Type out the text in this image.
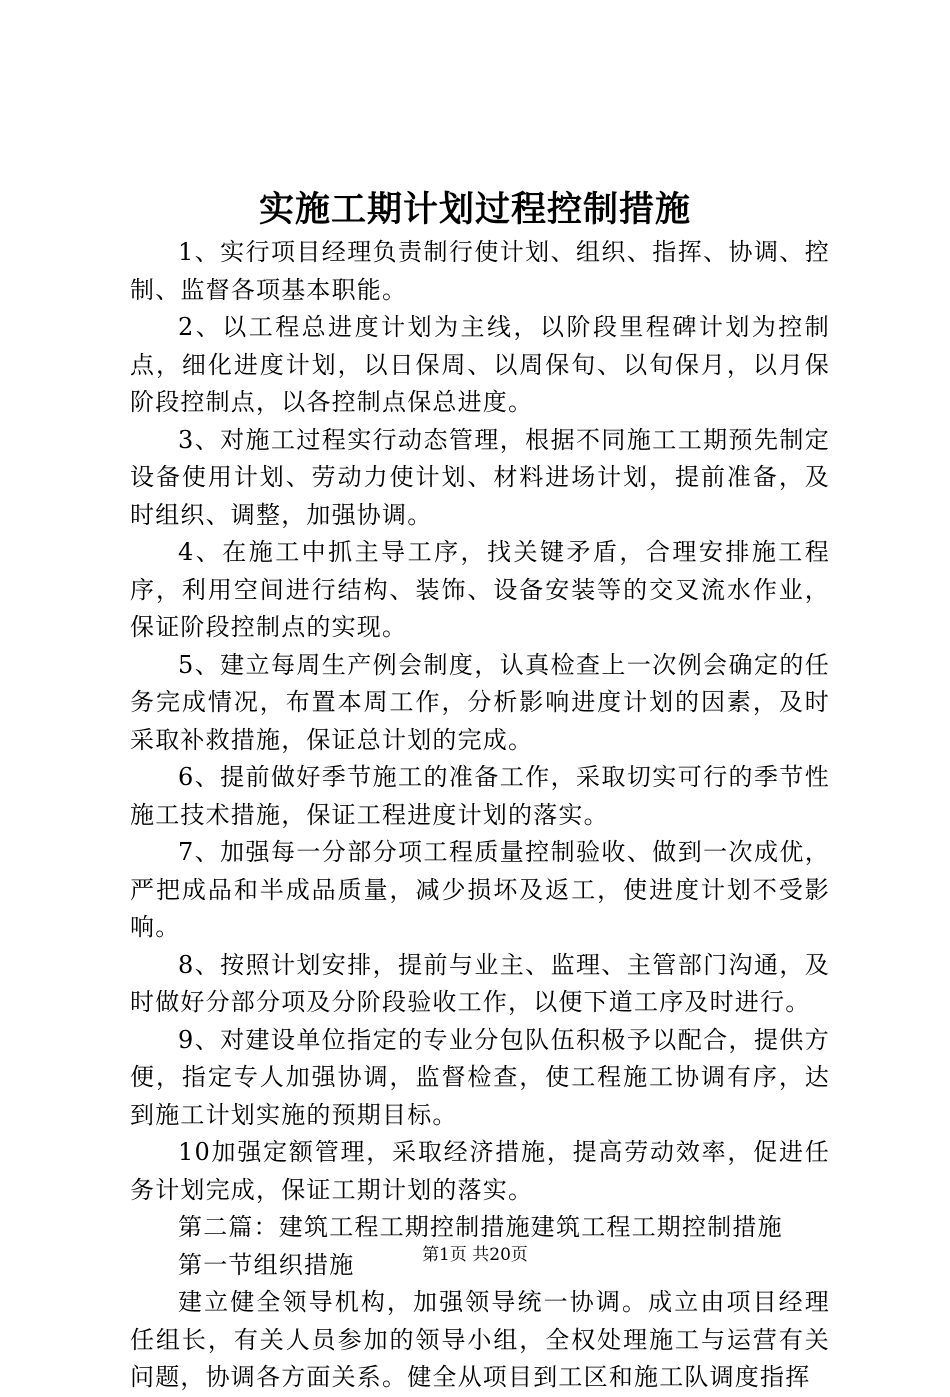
实施工期计划过程控制措施

1、实行项目经理负责制行使计划、组织、指挥、协调、控制、监督各项基本职能。

2、以工程总进度计划为主线，以阶段里程碑计划为控制点，细化进度计划，以日保周、以周保旬、以旬保月，以月保阶段控制点，以各控制点保总进度。

3、对施工过程实行动态管理，根据不同施工工期预先制定设备使用计划、劳动力使计划、材料进场计划，提前准备，及时组织、调整，加强协调。

4、在施工中抓主导工序，找关键矛盾，合理安排施工程序，利用空间进行结构、装饰、设备安装等的交叉流水作业，保证阶段控制点的实现。

5、建立每周生产例会制度，认真检查上一次例会确定的任务完成情况，布置本周工作，分析影响进度计划的因素，及时采取补救措施，保证总计划的完成。

6、提前做好季节施工的准备工作，采取切实可行的季节性施工技术措施，保证工程进度计划的落实。

7、加强每一分部分项工程质量控制验收、做到一次成优，严把成品和半成品质量，减少损坏及返工，使进度计划不受影响。

8、按照计划安排，提前与业主、监理、主管部门沟通，及时做好分部分项及分阶段验收工作，以便下道工序及时进行。

9、对建设单位指定的专业分包队伍积极予以配合，提供方便，指定专人加强协调，监督检查，使工程施工协调有序，达到施工计划实施的预期目标。

10加强定额管理，采取经济措施，提高劳动效率，促进任务计划完成，保证工期计划的落实。

第二篇：建筑工程工期控制措施建筑工程工期控制措施

第一节组织措施

建立健全领导机构，加强领导统一协调。成立由项目经理任组长，有关人员参加的领导小组，全权处理施工与运营有关问题，协调各方面关系。健全从项目到工区和施工队调度指挥

第1页 共20页
